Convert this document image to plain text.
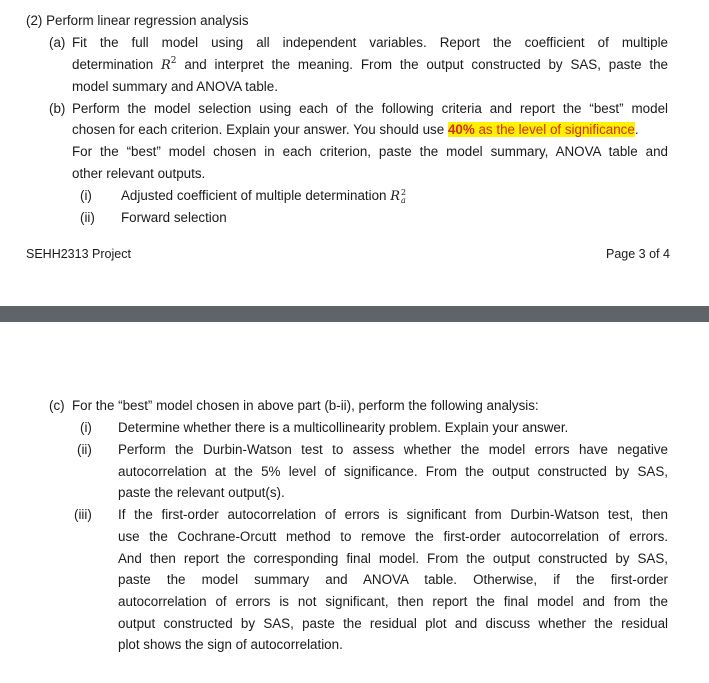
(2) Perform linear regression analysis
(a) Fit the full model using all independent variables. Report the coefficient of multiple
determination $R^2$ and interpret the meaning. From the output constructed by SAS, paste the
model summary and ANOVA table.
(b) Perform the model selection using each of the following criteria and report the “best” model
chosen for each criterion. Explain your answer. You should use 40% as the level of significance.
For the “best” model chosen in each criterion, paste the model summary, ANOVA table and
other relevant outputs.
(i) Adjusted coefficient of multiple determination R 2
a
(ii) Forward selection
SEHH2313 Project	Page 3 of 4
(c) For the “best” model chosen in above part (b-ii), perform the following analysis:
(i) Determine whether there is a multicollinearity problem. Explain your answer.
(ii) Perform the Durbin-Watson test to assess whether the model errors have negative
autocorrelation at the 5% level of significance. From the output constructed by SAS,
paste the relevant output(s).
(iii) If the first-order autocorrelation of errors is significant from Durbin-Watson test, then
use the Cochrane-Orcutt method to remove the first-order autocorrelation of errors.
And then report the corresponding final model. From the output constructed by SAS,
paste the model summary and ANOVA table. Otherwise, if the first-order
autocorrelation of errors is not significant, then report the final model and from the
output constructed by SAS, paste the residual plot and discuss whether the residual
plot shows the sign of autocorrelation.
